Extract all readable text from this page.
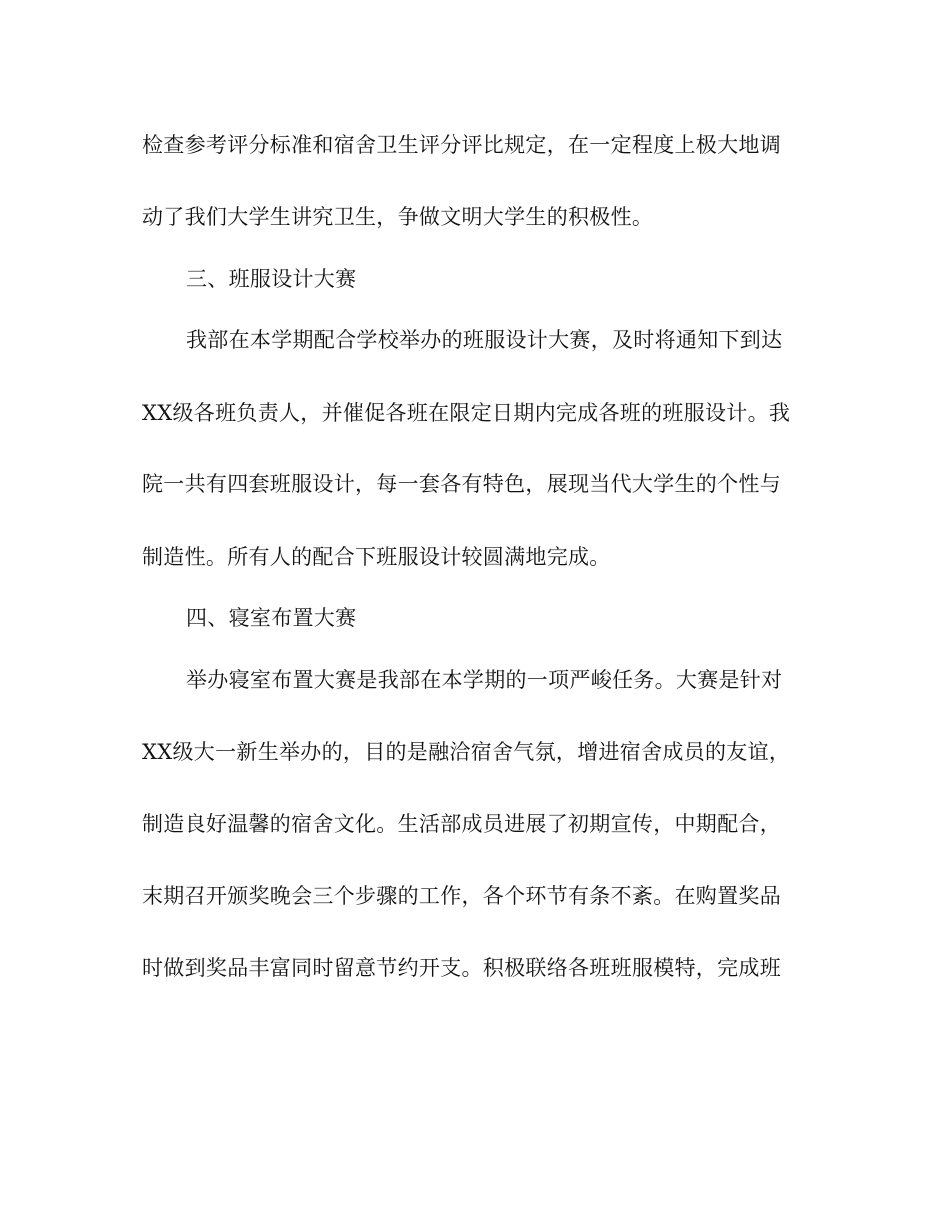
检查参考评分标准和宿舍卫生评分评比规定，在一定程度上极大地调
动了我们大学生讲究卫生，争做文明大学生的积极性。
三、班服设计大赛
我部在本学期配合学校举办的班服设计大赛，及时将通知下到达
XX级各班负责人，并催促各班在限定日期内完成各班的班服设计。我
院一共有四套班服设计，每一套各有特色，展现当代大学生的个性与
制造性。所有人的配合下班服设计较圆满地完成。
四、寝室布置大赛
举办寝室布置大赛是我部在本学期的一项严峻任务。大赛是针对
XX级大一新生举办的，目的是融洽宿舍气氛，增进宿舍成员的友谊，
制造良好温馨的宿舍文化。生活部成员进展了初期宣传，中期配合，
末期召开颁奖晚会三个步骤的工作，各个环节有条不紊。在购置奖品
时做到奖品丰富同时留意节约开支。积极联络各班班服模特，完成班
